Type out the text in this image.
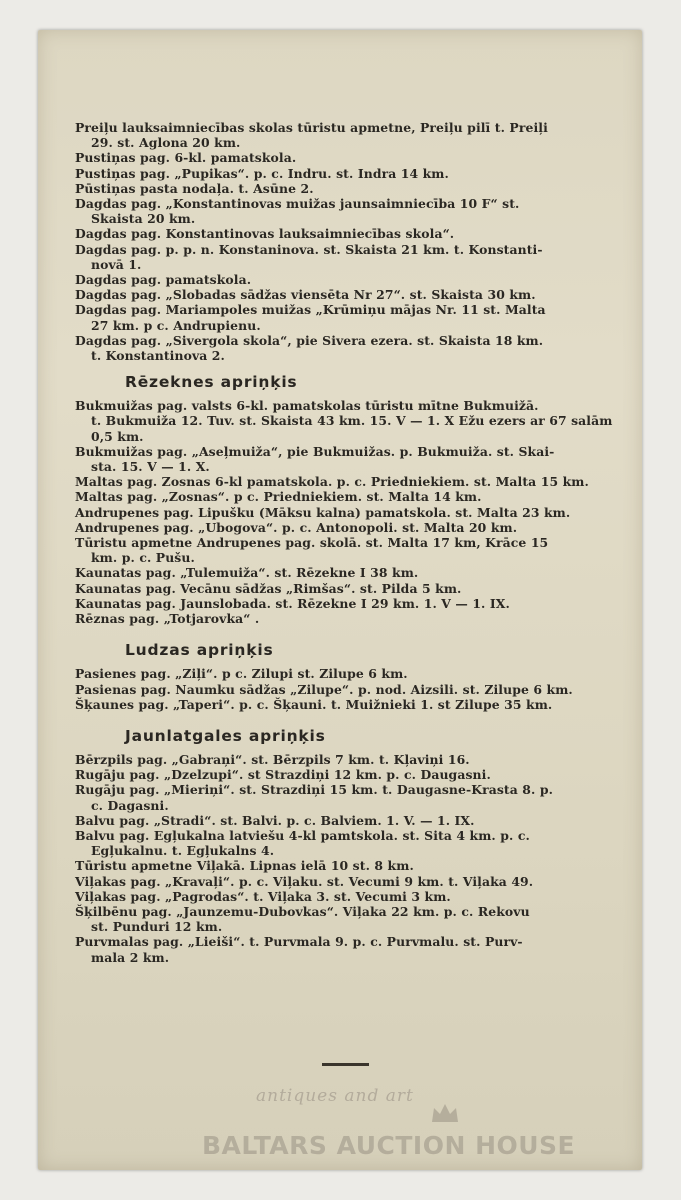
Preiļu lauksaimniecības skolas tūristu apmetne, Preiļu pilī t. Preiļi
29. st. Aglona 20 km.

Pustiņas pag. 6-kl. pamatskola.

Pustiņas pag. „Pupikas“. p. c. Indru. st. Indra 14 km.

Pūstiņas pasta nodaļa. t. Asūne 2.

Dagdas pag. „Konstantinovas muižas jaunsaimniecība 10 F“ st.
Skaista 20 km.

Dagdas pag. Konstantinovas lauksaimniecības skola“.

Dagdas pag. p. p. n. Konstaninova. st. Skaista 21 km. t. Konstanti-
novā 1.

Dagdas pag. pamatskola.

Dagdas pag. „Slobadas sādžas viensēta Nr 27“. st. Skaista 30 km.

Dagdas pag. Mariampoles muižas „Krūmiņu mājas Nr. 11 st. Malta
27 km. p c. Andrupienu.

Dagdas pag. „Sivergola skola“, pie Sivera ezera. st. Skaista 18 km.
t. Konstantinova 2.

Rēzeknes apriņķis

Bukmuižas pag. valsts 6-kl. pamatskolas tūristu mītne Bukmuižā.
t. Bukmuiža 12. Tuv. st. Skaista 43 km. 15. V — 1. X Ežu ezers ar 67 salām 0,5 km.

Bukmuižas pag. „Aseļmuiža“, pie Bukmuižas. p. Bukmuiža. st. Skai-
sta. 15. V — 1. X.

Maltas pag. Zosnas 6-kl pamatskola. p. c. Priedniekiem. st. Malta 15 km.

Maltas pag. „Zosnas“. p c. Priedniekiem. st. Malta 14 km.

Andrupenes pag. Lipušku (Māksu kalna) pamatskola. st. Malta 23 km.

Andrupenes pag. „Ubogova“. p. c. Antonopoli. st. Malta 20 km.

Tūristu apmetne Andrupenes pag. skolā. st. Malta 17 km, Krāce 15
km. p. c. Pušu.

Kaunatas pag. „Tulemuiža“. st. Rēzekne I 38 km.

Kaunatas pag. Vecānu sādžas „Rimšas“. st. Pilda 5 km.

Kaunatas pag. Jaunslobada. st. Rēzekne I 29 km. 1. V — 1. IX.

Rēznas pag. „Totjarovka“ .

Ludzas apriņķis

Pasienes pag. „Ziļi“. p c. Zilupi st. Zilupe 6 km.

Pasienas pag. Naumku sādžas „Zilupe“. p. nod. Aizsili. st. Zilupe 6 km.

Šķaunes pag. „Taperi“. p. c. Šķauni. t. Muižnieki 1. st Zilupe 35 km.

Jaunlatgales apriņķis

Bērzpils pag. „Gabraņi“. st. Bērzpils 7 km. t. Kļaviņi 16.

Rugāju pag. „Dzelzupi“. st Strazdiņi 12 km. p. c. Daugasni.

Rugāju pag. „Mieriņi“. st. Strazdiņi 15 km. t. Daugasne-Krasta 8. p.
c. Dagasni.

Balvu pag. „Stradi“. st. Balvi. p. c. Balviem. 1. V. — 1. IX.

Balvu pag. Egļukalna latviešu 4-kl pamtskola. st. Sita 4 km. p. c.
Egļukalnu. t. Egļukalns 4.

Tūristu apmetne Viļakā. Lipnas ielā 10 st. 8 km.

Viļakas pag. „Kravaļi“. p. c. Viļaku. st. Vecumi 9 km. t. Viļaka 49.

Viļakas pag. „Pagrodas“. t. Viļaka 3. st. Vecumi 3 km.

Šķilbēnu pag. „Jaunzemu-Dubovkas“. Viļaka 22 km. p. c. Rekovu
st. Punduri 12 km.

Purvmalas pag. „Lieiši“. t. Purvmala 9. p. c. Purvmalu. st. Purv-
mala 2 km.

antiques and art
BALTARS AUCTION HOUSE
